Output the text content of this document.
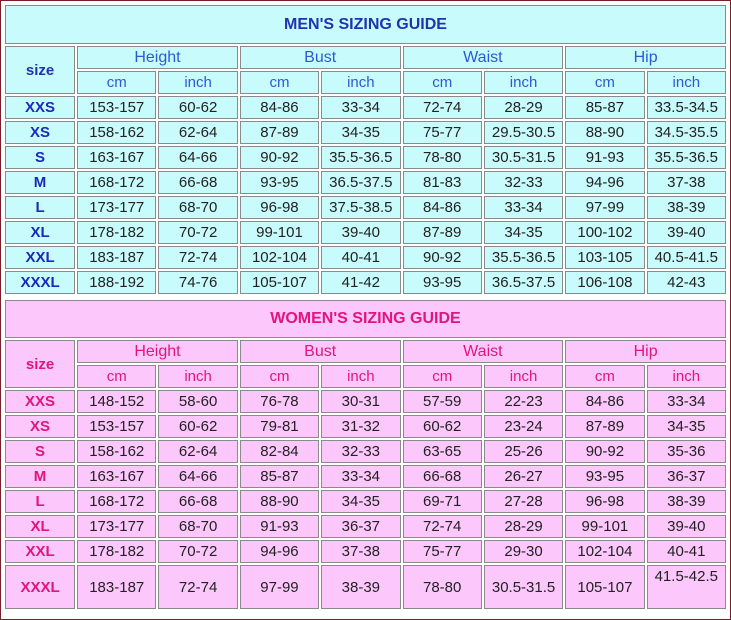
MEN'S SIZING GUIDE								
size	Height		Bust		Waist		Hip	
	cm	inch	cm	inch	cm	inch	cm	inch
XXS	153-157	60-62	84-86	33-34	72-74	28-29	85-87	33.5-34.5
XS	158-162	62-64	87-89	34-35	75-77	29.5-30.5	88-90	34.5-35.5
S	163-167	64-66	90-92	35.5-36.5	78-80	30.5-31.5	91-93	35.5-36.5
M	168-172	66-68	93-95	36.5-37.5	81-83	32-33	94-96	37-38
L	173-177	68-70	96-98	37.5-38.5	84-86	33-34	97-99	38-39
XL	178-182	70-72	99-101	39-40	87-89	34-35	100-102	39-40
XXL	183-187	72-74	102-104	40-41	90-92	35.5-36.5	103-105	40.5-41.5
XXXL	188-192	74-76	105-107	41-42	93-95	36.5-37.5	106-108	42-43
WOMEN'S SIZING GUIDE								
size	Height		Bust		Waist		Hip	
	cm	inch	cm	inch	cm	inch	cm	inch
XXS	148-152	58-60	76-78	30-31	57-59	22-23	84-86	33-34
XS	153-157	60-62	79-81	31-32	60-62	23-24	87-89	34-35
S	158-162	62-64	82-84	32-33	63-65	25-26	90-92	35-36
M	163-167	64-66	85-87	33-34	66-68	26-27	93-95	36-37
L	168-172	66-68	88-90	34-35	69-71	27-28	96-98	38-39
XL	173-177	68-70	91-93	36-37	72-74	28-29	99-101	39-40
XXL	178-182	70-72	94-96	37-38	75-77	29-30	102-104	40-41
XXXL	183-187	72-74	97-99	38-39	78-80	30.5-31.5	105-107	41.5-42.5
